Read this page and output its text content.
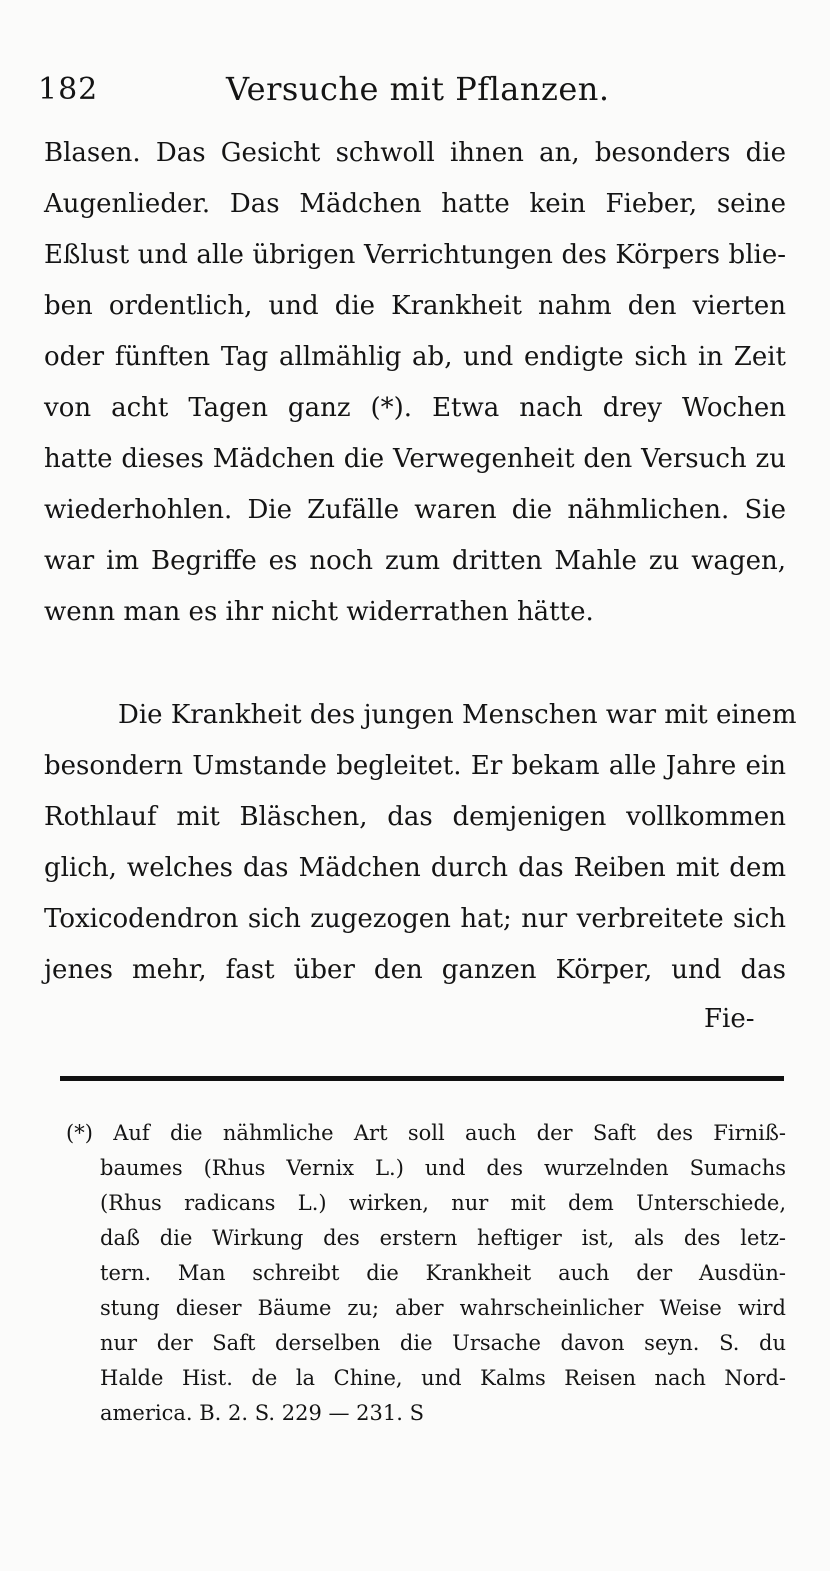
182	Versuche mit Pflanzen.
Blasen. Das Gesicht schwoll ihnen an, besonders die
Augenlieder. Das Mädchen hatte kein Fieber, seine
Eßlust und alle übrigen Verrichtungen des Körpers blie-
ben ordentlich, und die Krankheit nahm den vierten
oder fünften Tag allmählig ab, und endigte sich in Zeit
von acht Tagen ganz (*). Etwa nach drey Wochen
hatte dieses Mädchen die Verwegenheit den Versuch zu
wiederhohlen. Die Zufälle waren die nähmlichen. Sie
war im Begriffe es noch zum dritten Mahle zu wagen,
wenn man es ihr nicht widerrathen hätte.
Die Krankheit des jungen Menschen war mit einem
besondern Umstande begleitet. Er bekam alle Jahre ein
Rothlauf mit Bläschen, das demjenigen vollkommen
glich, welches das Mädchen durch das Reiben mit dem
Toxicodendron sich zugezogen hat; nur verbreitete sich
jenes mehr, fast über den ganzen Körper, und das
Fie-
(*) Auf die nähmliche Art soll auch der Saft des Firniß-
baumes (Rhus Vernix L.) und des wurzelnden Sumachs
(Rhus radicans L.) wirken, nur mit dem Unterschiede,
daß die Wirkung des erstern heftiger ist, als des letz-
tern. Man schreibt die Krankheit auch der Ausdün-
stung dieser Bäume zu; aber wahrscheinlicher Weise wird
nur der Saft derselben die Ursache davon seyn. S. du
Halde Hist. de la Chine, und Kalms Reisen nach Nord-
america. B. 2. S. 229 — 231. S
